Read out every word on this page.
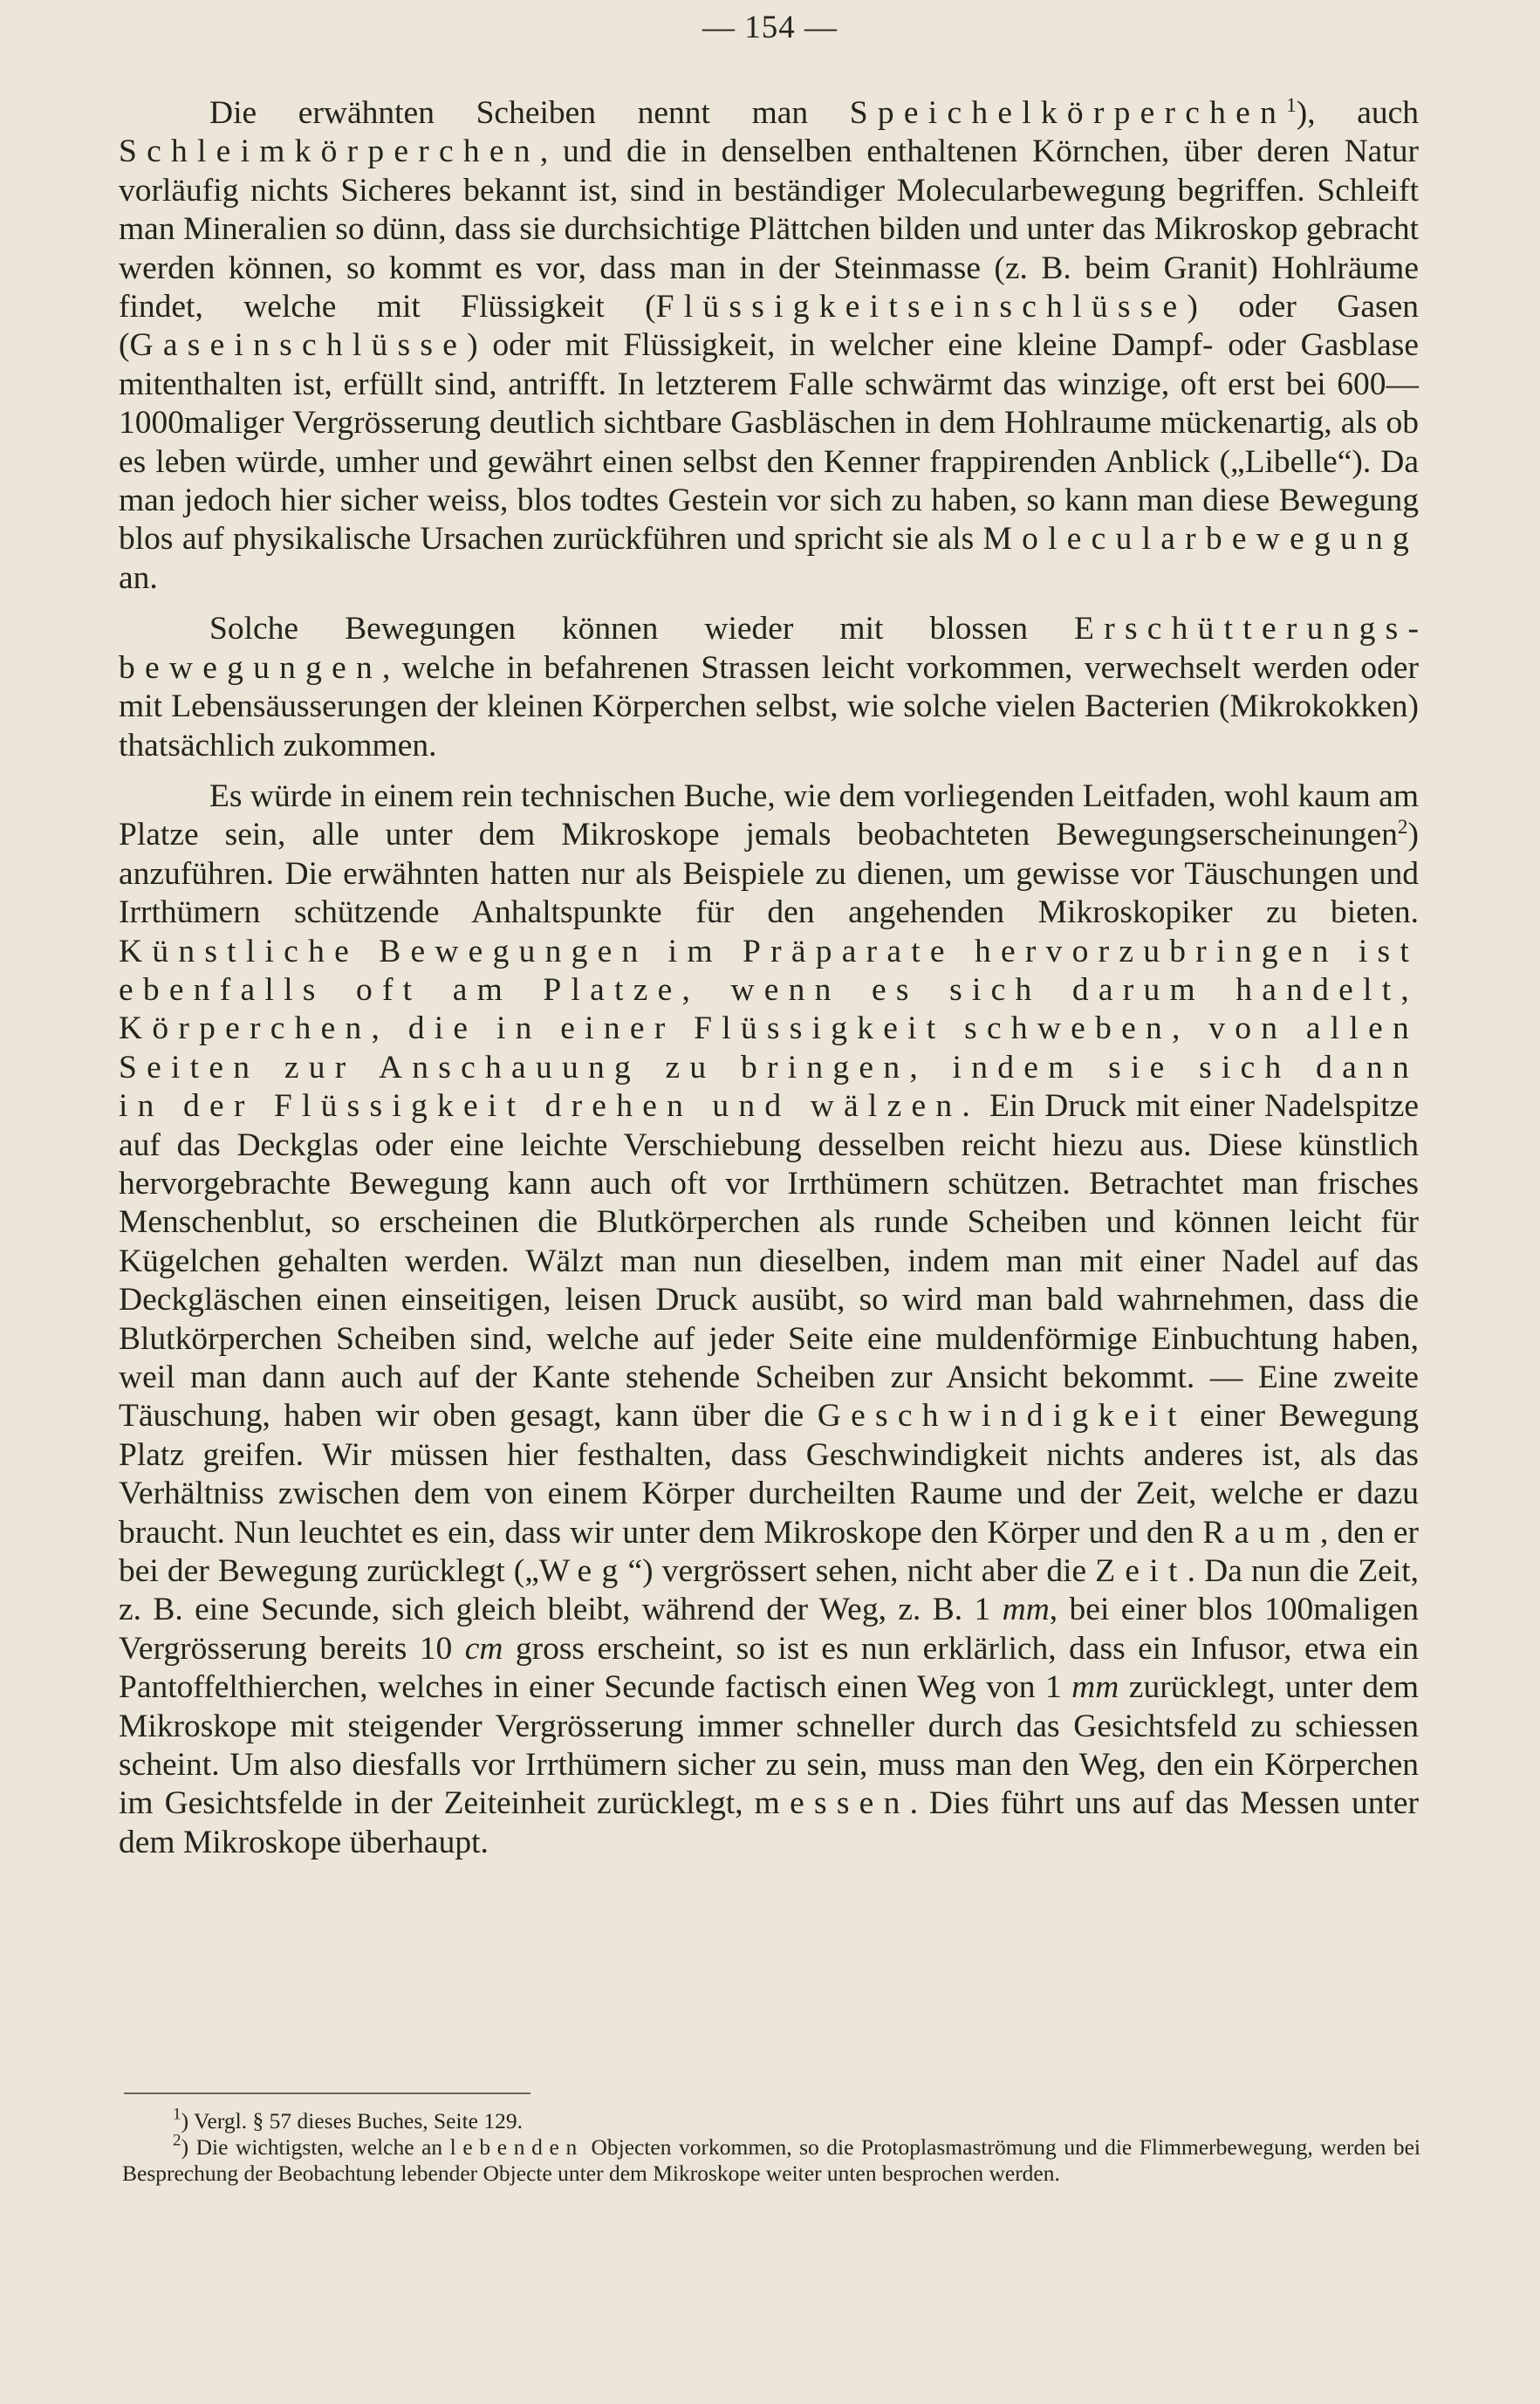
— 154 —

Die erwähnten Scheiben nennt man Speichelkörperchen$^1$), auch Schleimkörperchen, und die in denselben enthaltenen Körnchen, über deren Natur vorläufig nichts Sicheres bekannt ist, sind in beständiger Molecularbewegung begriffen. Schleift man Mineralien so dünn, dass sie durchsichtige Plättchen bilden und unter das Mikroskop gebracht werden können, so kommt es vor, dass man in der Steinmasse (z. B. beim Granit) Hohlräume findet, welche mit Flüssigkeit (Flüssigkeitseinschlüsse) oder Gasen (Gaseinschlüsse) oder mit Flüssigkeit, in welcher eine kleine Dampf- oder Gasblase mitenthalten ist, erfüllt sind, antrifft. In letzterem Falle schwärmt das winzige, oft erst bei 600—1000maliger Vergrösserung deutlich sichtbare Gasbläschen in dem Hohlraume mückenartig, als ob es leben würde, umher und gewährt einen selbst den Kenner frappirenden Anblick („Libelle“). Da man jedoch hier sicher weiss, blos todtes Gestein vor sich zu haben, so kann man diese Bewegung blos auf physikalische Ursachen zurückführen und spricht sie als Molecularbewegung an.

Solche Bewegungen können wieder mit blossen Erschütterungsbewegungen, welche in befahrenen Strassen leicht vorkommen, verwechselt werden oder mit Lebensäusserungen der kleinen Körperchen selbst, wie solche vielen Bacterien (Mikrokokken) thatsächlich zukommen.

Es würde in einem rein technischen Buche, wie dem vorliegenden Leitfaden, wohl kaum am Platze sein, alle unter dem Mikroskope jemals beobachteten Bewegungserscheinungen$^2$) anzuführen. Die erwähnten hatten nur als Beispiele zu dienen, um gewisse vor Täuschungen und Irrthümern schützende Anhaltspunkte für den angehenden Mikroskopiker zu bieten. Künstliche Bewegungen im Präparate hervorzubringen ist ebenfalls oft am Platze, wenn es sich darum handelt, Körperchen, die in einer Flüssigkeit schweben, von allen Seiten zur Anschauung zu bringen, indem sie sich dann in der Flüssigkeit drehen und wälzen. Ein Druck mit einer Nadelspitze auf das Deckglas oder eine leichte Verschiebung desselben reicht hiezu aus. Diese künstlich hervorgebrachte Bewegung kann auch oft vor Irrthümern schützen. Betrachtet man frisches Menschenblut, so erscheinen die Blutkörperchen als runde Scheiben und können leicht für Kügelchen gehalten werden. Wälzt man nun dieselben, indem man mit einer Nadel auf das Deckgläschen einen einseitigen, leisen Druck ausübt, so wird man bald wahrnehmen, dass die Blutkörperchen Scheiben sind, welche auf jeder Seite eine muldenförmige Einbuchtung haben, weil man dann auch auf der Kante stehende Scheiben zur Ansicht bekommt. — Eine zweite Täuschung, haben wir oben gesagt, kann über die Geschwindigkeit einer Bewegung Platz greifen. Wir müssen hier festhalten, dass Geschwindigkeit nichts anderes ist, als das Verhältniss zwischen dem von einem Körper durcheilten Raume und der Zeit, welche er dazu braucht. Nun leuchtet es ein, dass wir unter dem Mikroskope den Körper und den Raum, den er bei der Bewegung zurücklegt („Weg“) vergrössert sehen, nicht aber die Zeit. Da nun die Zeit, z. B. eine Secunde, sich gleich bleibt, während der Weg, z. B. 1 mm, bei einer blos 100maligen Vergrösserung bereits 10 cm gross erscheint, so ist es nun erklärlich, dass ein Infusor, etwa ein Pantoffelthierchen, welches in einer Secunde factisch einen Weg von 1 mm zurücklegt, unter dem Mikroskope mit steigender Vergrösserung immer schneller durch das Gesichtsfeld zu schiessen scheint. Um also diesfalls vor Irrthümern sicher zu sein, muss man den Weg, den ein Körperchen im Gesichtsfelde in der Zeiteinheit zurücklegt, messen. Dies führt uns auf das Messen unter dem Mikroskope überhaupt.

$^1$) Vergl. § 57 dieses Buches, Seite 129.

$^2$) Die wichtigsten, welche an lebenden Objecten vorkommen, so die Protoplasmaströmung und die Flimmerbewegung, werden bei Besprechung der Beobachtung lebender Objecte unter dem Mikroskope weiter unten besprochen werden.
